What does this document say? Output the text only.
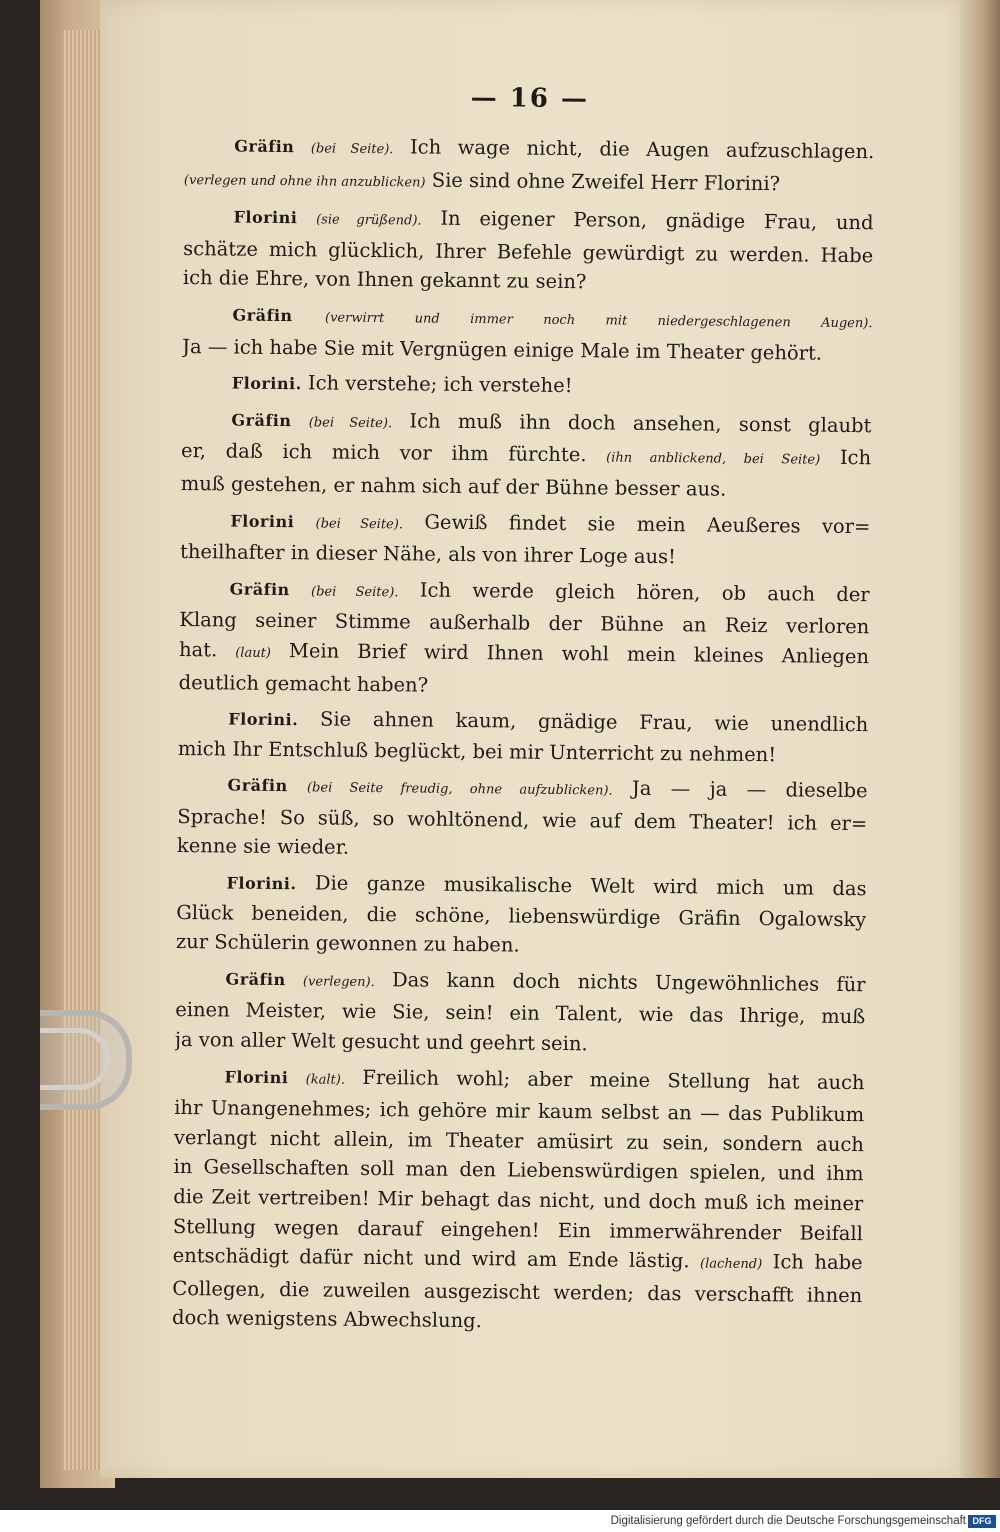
— 16 —
Gräfin (bei Seite). Ich wage nicht, die Augen aufzuschlagen.
(verlegen und ohne ihn anzublicken) Sie sind ohne Zweifel Herr Florini?
Florini (sie grüßend). In eigener Person, gnädige Frau, und
schätze mich glücklich, Ihrer Befehle gewürdigt zu werden. Habe
ich die Ehre, von Ihnen gekannt zu sein?
Gräfin (verwirrt und immer noch mit niedergeschlagenen Augen).
Ja — ich habe Sie mit Vergnügen einige Male im Theater gehört.
Florini. Ich verstehe; ich verstehe!
Gräfin (bei Seite). Ich muß ihn doch ansehen, sonst glaubt
er, daß ich mich vor ihm fürchte. (ihn anblickend, bei Seite) Ich
muß gestehen, er nahm sich auf der Bühne besser aus.
Florini (bei Seite). Gewiß findet sie mein Aeußeres vor=
theilhafter in dieser Nähe, als von ihrer Loge aus!
Gräfin (bei Seite). Ich werde gleich hören, ob auch der
Klang seiner Stimme außerhalb der Bühne an Reiz verloren
hat. (laut) Mein Brief wird Ihnen wohl mein kleines Anliegen
deutlich gemacht haben?
Florini. Sie ahnen kaum, gnädige Frau, wie unendlich
mich Ihr Entschluß beglückt, bei mir Unterricht zu nehmen!
Gräfin (bei Seite freudig, ohne aufzublicken). Ja — ja — dieselbe
Sprache! So süß, so wohltönend, wie auf dem Theater! ich er=
kenne sie wieder.
Florini. Die ganze musikalische Welt wird mich um das
Glück beneiden, die schöne, liebenswürdige Gräfin Ogalowsky
zur Schülerin gewonnen zu haben.
Gräfin (verlegen). Das kann doch nichts Ungewöhnliches für
einen Meister, wie Sie, sein! ein Talent, wie das Ihrige, muß
ja von aller Welt gesucht und geehrt sein.
Florini (kalt). Freilich wohl; aber meine Stellung hat auch
ihr Unangenehmes; ich gehöre mir kaum selbst an — das Publikum
verlangt nicht allein, im Theater amüsirt zu sein, sondern auch
in Gesellschaften soll man den Liebenswürdigen spielen, und ihm
die Zeit vertreiben! Mir behagt das nicht, und doch muß ich meiner
Stellung wegen darauf eingehen! Ein immerwährender Beifall
entschädigt dafür nicht und wird am Ende lästig. (lachend) Ich habe
Collegen, die zuweilen ausgezischt werden; das verschafft ihnen
doch wenigstens Abwechslung.
Digitalisierung gefördert durch die Deutsche Forschungsgemeinschaft DFG
